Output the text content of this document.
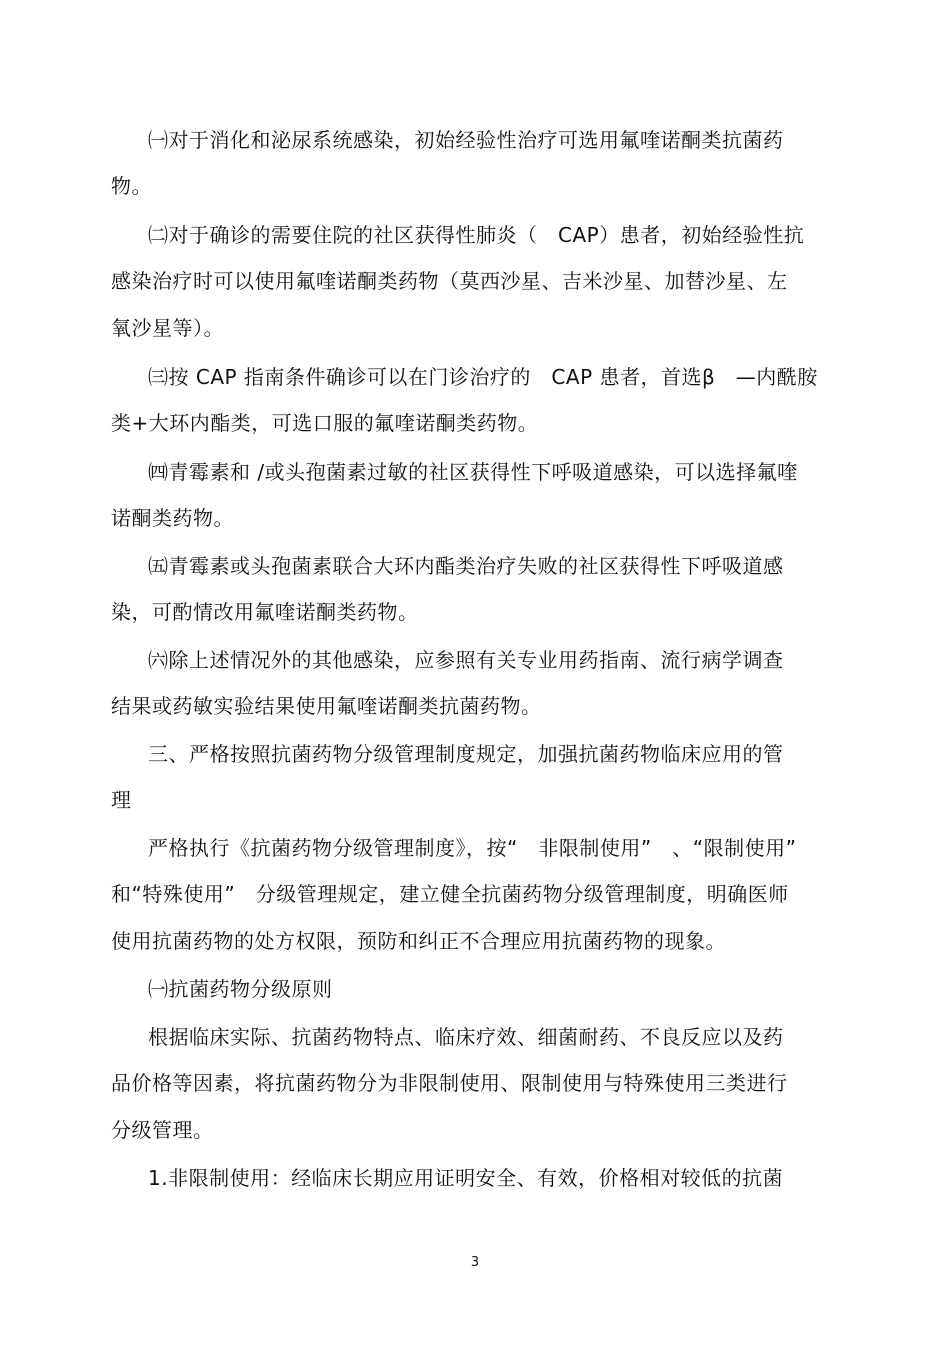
㈠对于消化和泌尿系统感染，初始经验性治疗可选用氟喹诺酮类抗菌药
物。
㈡对于确诊的需要住院的社区获得性肺炎（　CAP）患者，初始经验性抗
感染治疗时可以使用氟喹诺酮类药物（莫西沙星、吉米沙星、加替沙星、左
氧沙星等）。
㈢按 CAP 指南条件确诊可以在门诊治疗的　CAP 患者，首选β　—内酰胺
类+大环内酯类，可选口服的氟喹诺酮类药物。
㈣青霉素和 /或头孢菌素过敏的社区获得性下呼吸道感染，可以选择氟喹
诺酮类药物。
㈤青霉素或头孢菌素联合大环内酯类治疗失败的社区获得性下呼吸道感
染，可酌情改用氟喹诺酮类药物。
㈥除上述情况外的其他感染，应参照有关专业用药指南、流行病学调查
结果或药敏实验结果使用氟喹诺酮类抗菌药物。
三、严格按照抗菌药物分级管理制度规定，加强抗菌药物临床应用的管
理
严格执行《抗菌药物分级管理制度》，按“　非限制使用”　、“限制使用”
和“特殊使用”　分级管理规定，建立健全抗菌药物分级管理制度，明确医师
使用抗菌药物的处方权限，预防和纠正不合理应用抗菌药物的现象。
㈠抗菌药物分级原则
根据临床实际、抗菌药物特点、临床疗效、细菌耐药、不良反应以及药
品价格等因素，将抗菌药物分为非限制使用、限制使用与特殊使用三类进行
分级管理。
1.非限制使用：经临床长期应用证明安全、有效，价格相对较低的抗菌
3
